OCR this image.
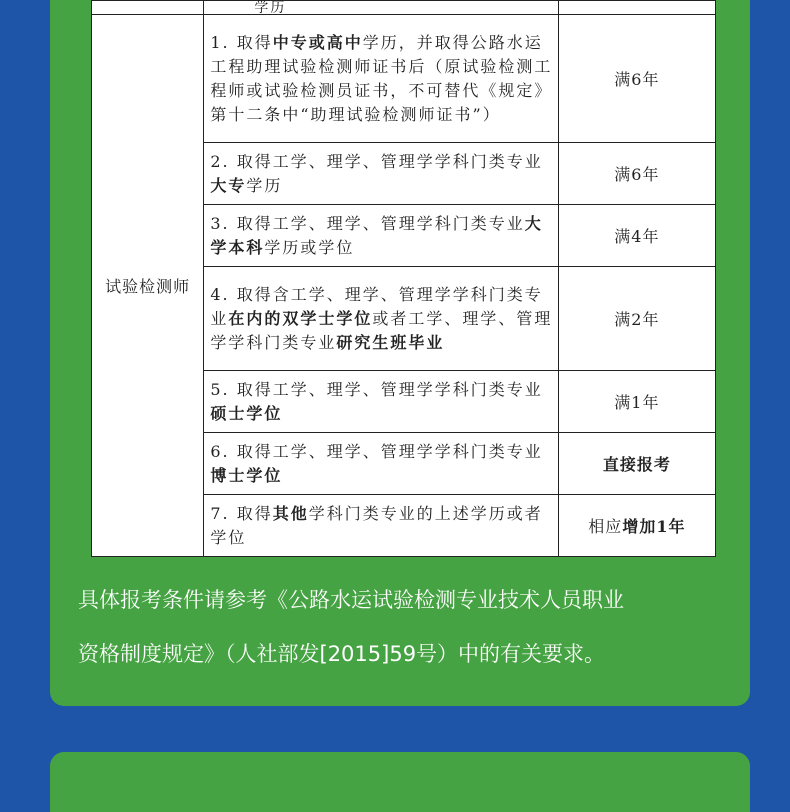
	学历	
试验检测师	1. 取得中专或高中学历，并取得公路水运工程助理试验检测师证书后（原试验检测工程师或试验检测员证书，不可替代《规定》第十二条中“助理试验检测师证书”）	满6年
	2. 取得工学、理学、管理学学科门类专业大专学历	满6年
	3. 取得工学、理学、管理学科门类专业大学本科学历或学位	满4年
	4. 取得含工学、理学、管理学学科门类专业在内的双学士学位或者工学、理学、管理学学科门类专业研究生班毕业	满2年
	5. 取得工学、理学、管理学学科门类专业硕士学位	满1年
	6. 取得工学、理学、管理学学科门类专业博士学位	直接报考
	7. 取得其他学科门类专业的上述学历或者学位	相应增加1年
具体报考条件请参考《公路水运试验检测专业技术人员职业
资格制度规定》（人社部发[2015]59号）中的有关要求。
